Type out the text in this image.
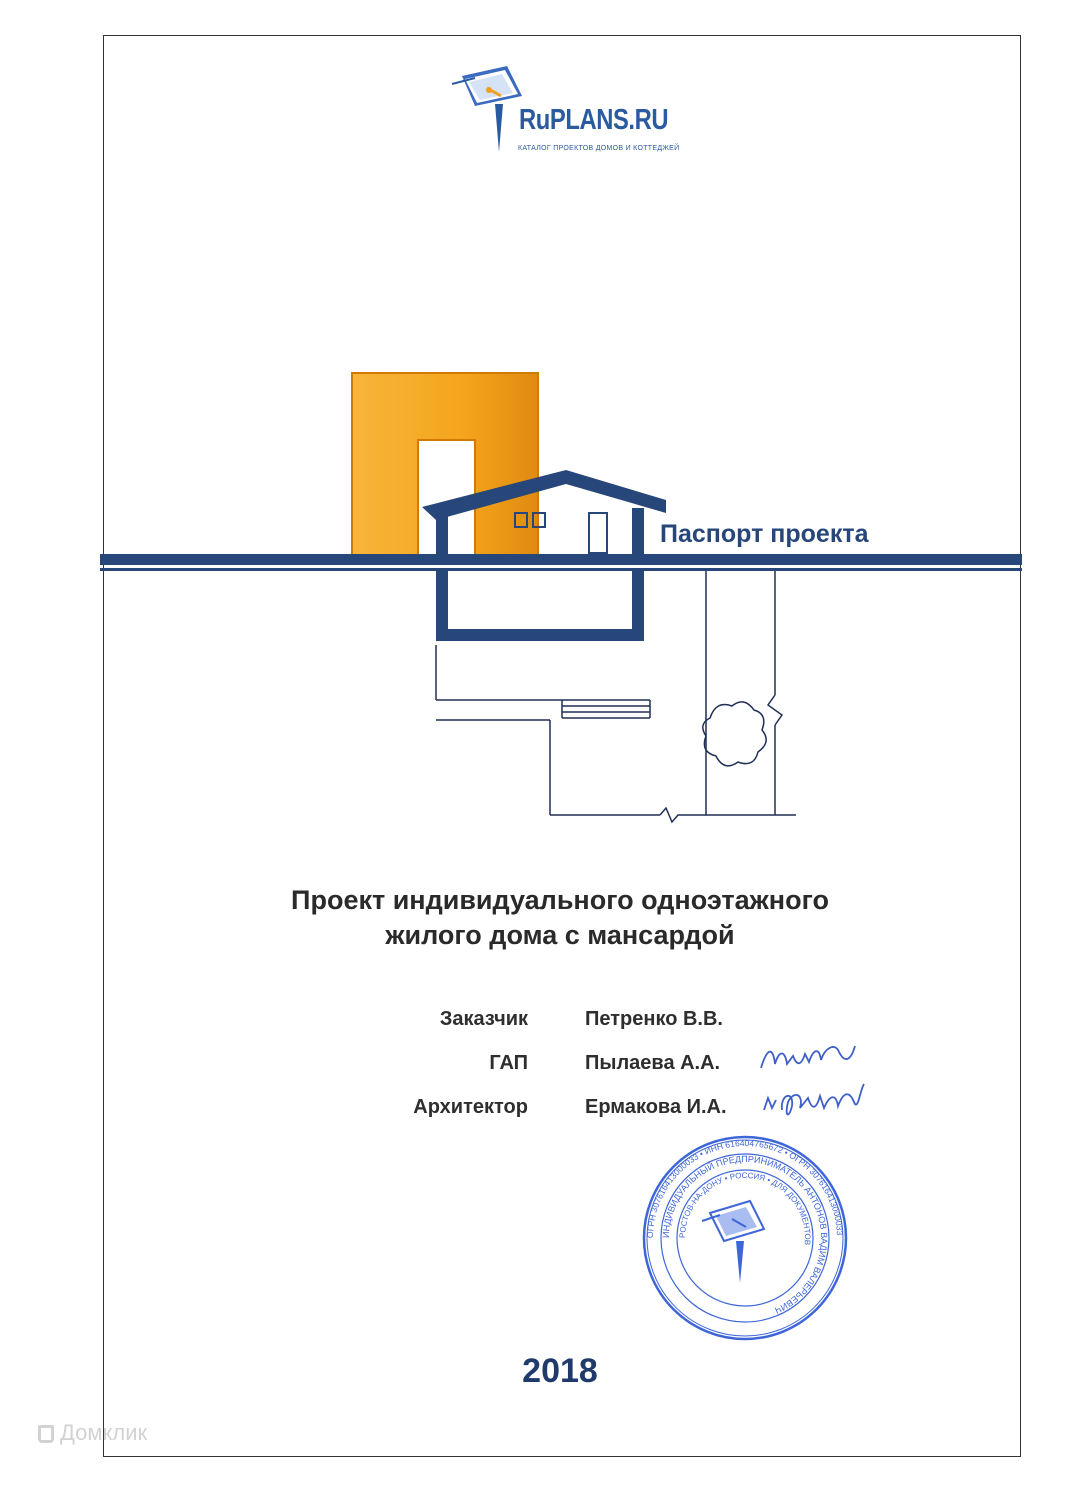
RuPLANS.RU
КАТАЛОГ ПРОЕКТОВ ДОМОВ И КОТТЕДЖЕЙ
Паспорт проекта
Проект индивидуального одноэтажного
жилого дома с мансардой
Заказчик	Петренко В.В.
ГАП	Пылаева А.А.
Архитектор	Ермакова И.А.
ОГРН 307616413000033 • ИНН 616404765672 • ОГРН 307616413000033
ИНДИВИДУАЛЬНЫЙ ПРЕДПРИНИМАТЕЛЬ АНТОНОВ ВАДИМ ВАЛЕРЬЕВИЧ
РОСТОВ-НА-ДОНУ • РОССИЯ • ДЛЯ ДОКУМЕНТОВ
2018
Домклик
